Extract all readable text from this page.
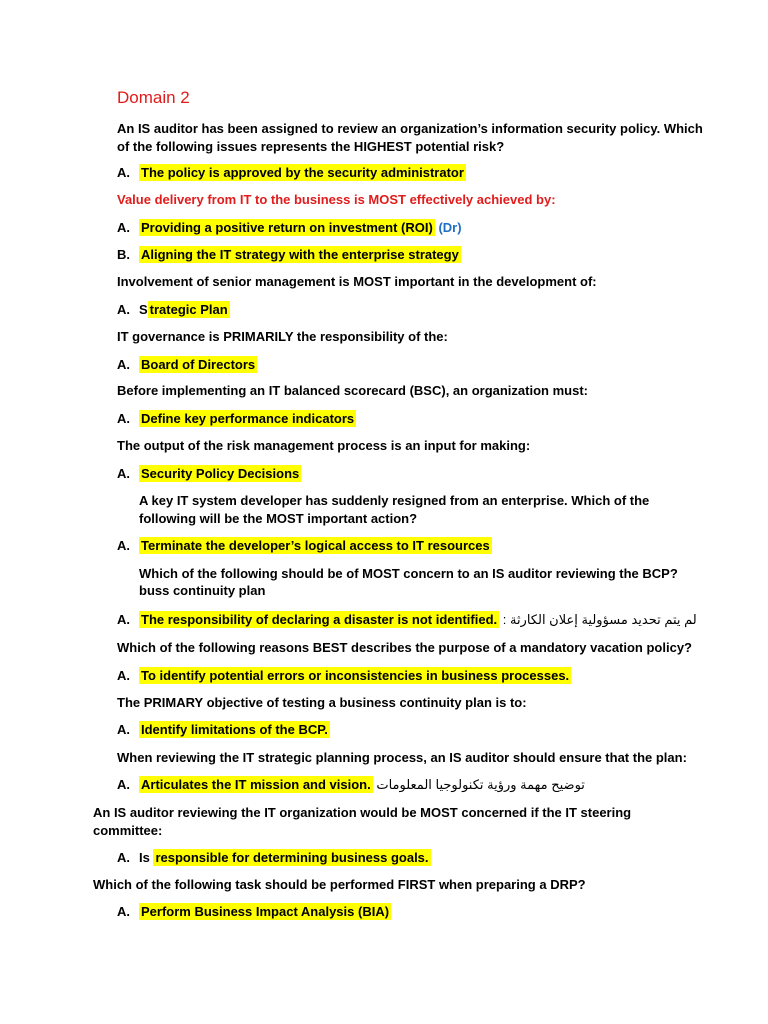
Domain 2
An IS auditor has been assigned to review an organization’s information security policy. Which
of the following issues represents the HIGHEST potential risk?
A. The policy is approved by the security administrator
Value delivery from IT to the business is MOST effectively achieved by:
A. Providing a positive return on investment (ROI) (Dr)
B. Aligning the IT strategy with the enterprise strategy
Involvement of senior management is MOST important in the development of:
A. S trategic Plan
IT governance is PRIMARILY the responsibility of the:
A. Board of Directors
Before implementing an IT balanced scorecard (BSC), an organization must:
A. Define key performance indicators
The output of the risk management process is an input for making:
A. Security Policy Decisions
A key IT system developer has suddenly resigned from an enterprise. Which of the
following will be the MOST important action?
A. Terminate the developer’s logical access to IT resources
Which of the following should be of MOST concern to an IS auditor reviewing the BCP?
buss continuity plan
A. The responsibility of declaring a disaster is not identified. لم يتم تحديد مسؤولية إعلان الكارثة :
Which of the following reasons BEST describes the purpose of a mandatory vacation policy?
A. To identify potential errors or inconsistencies in business processes.
The PRIMARY objective of testing a business continuity plan is to:
A. Identify limitations of the BCP.
When reviewing the IT strategic planning process, an IS auditor should ensure that the plan:
A. Articulates the IT mission and vision. توضيح مهمة ورؤية تكنولوجيا المعلومات
An IS auditor reviewing the IT organization would be MOST concerned if the IT steering
committee:
A. Is responsible for determining business goals.
Which of the following task should be performed FIRST when preparing a DRP?
A. Perform Business Impact Analysis (BIA)
